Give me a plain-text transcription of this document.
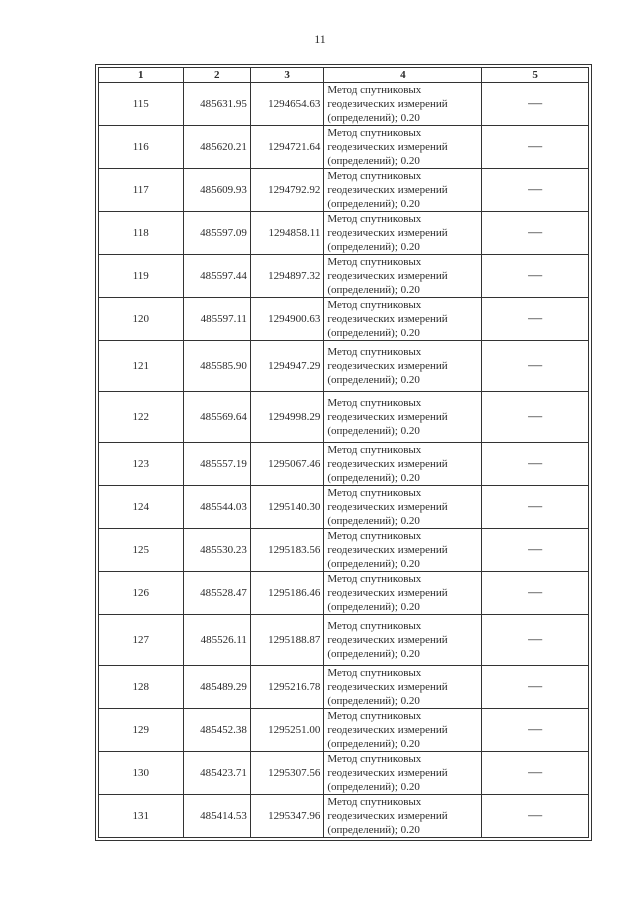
11
1	2	3	4	5
115	485631.95	1294654.63	Метод спутниковых
геодезических измерений
(определений); 0.20	—
116	485620.21	1294721.64	Метод спутниковых
геодезических измерений
(определений); 0.20	—
117	485609.93	1294792.92	Метод спутниковых
геодезических измерений
(определений); 0.20	—
118	485597.09	1294858.11	Метод спутниковых
геодезических измерений
(определений); 0.20	—
119	485597.44	1294897.32	Метод спутниковых
геодезических измерений
(определений); 0.20	—
120	485597.11	1294900.63	Метод спутниковых
геодезических измерений
(определений); 0.20	—
121	485585.90	1294947.29	Метод спутниковых
геодезических измерений
(определений); 0.20	—
122	485569.64	1294998.29	Метод спутниковых
геодезических измерений
(определений); 0.20	—
123	485557.19	1295067.46	Метод спутниковых
геодезических измерений
(определений); 0.20	—
124	485544.03	1295140.30	Метод спутниковых
геодезических измерений
(определений); 0.20	—
125	485530.23	1295183.56	Метод спутниковых
геодезических измерений
(определений); 0.20	—
126	485528.47	1295186.46	Метод спутниковых
геодезических измерений
(определений); 0.20	—
127	485526.11	1295188.87	Метод спутниковых
геодезических измерений
(определений); 0.20	—
128	485489.29	1295216.78	Метод спутниковых
геодезических измерений
(определений); 0.20	—
129	485452.38	1295251.00	Метод спутниковых
геодезических измерений
(определений); 0.20	—
130	485423.71	1295307.56	Метод спутниковых
геодезических измерений
(определений); 0.20	—
131	485414.53	1295347.96	Метод спутниковых
геодезических измерений
(определений); 0.20	—
